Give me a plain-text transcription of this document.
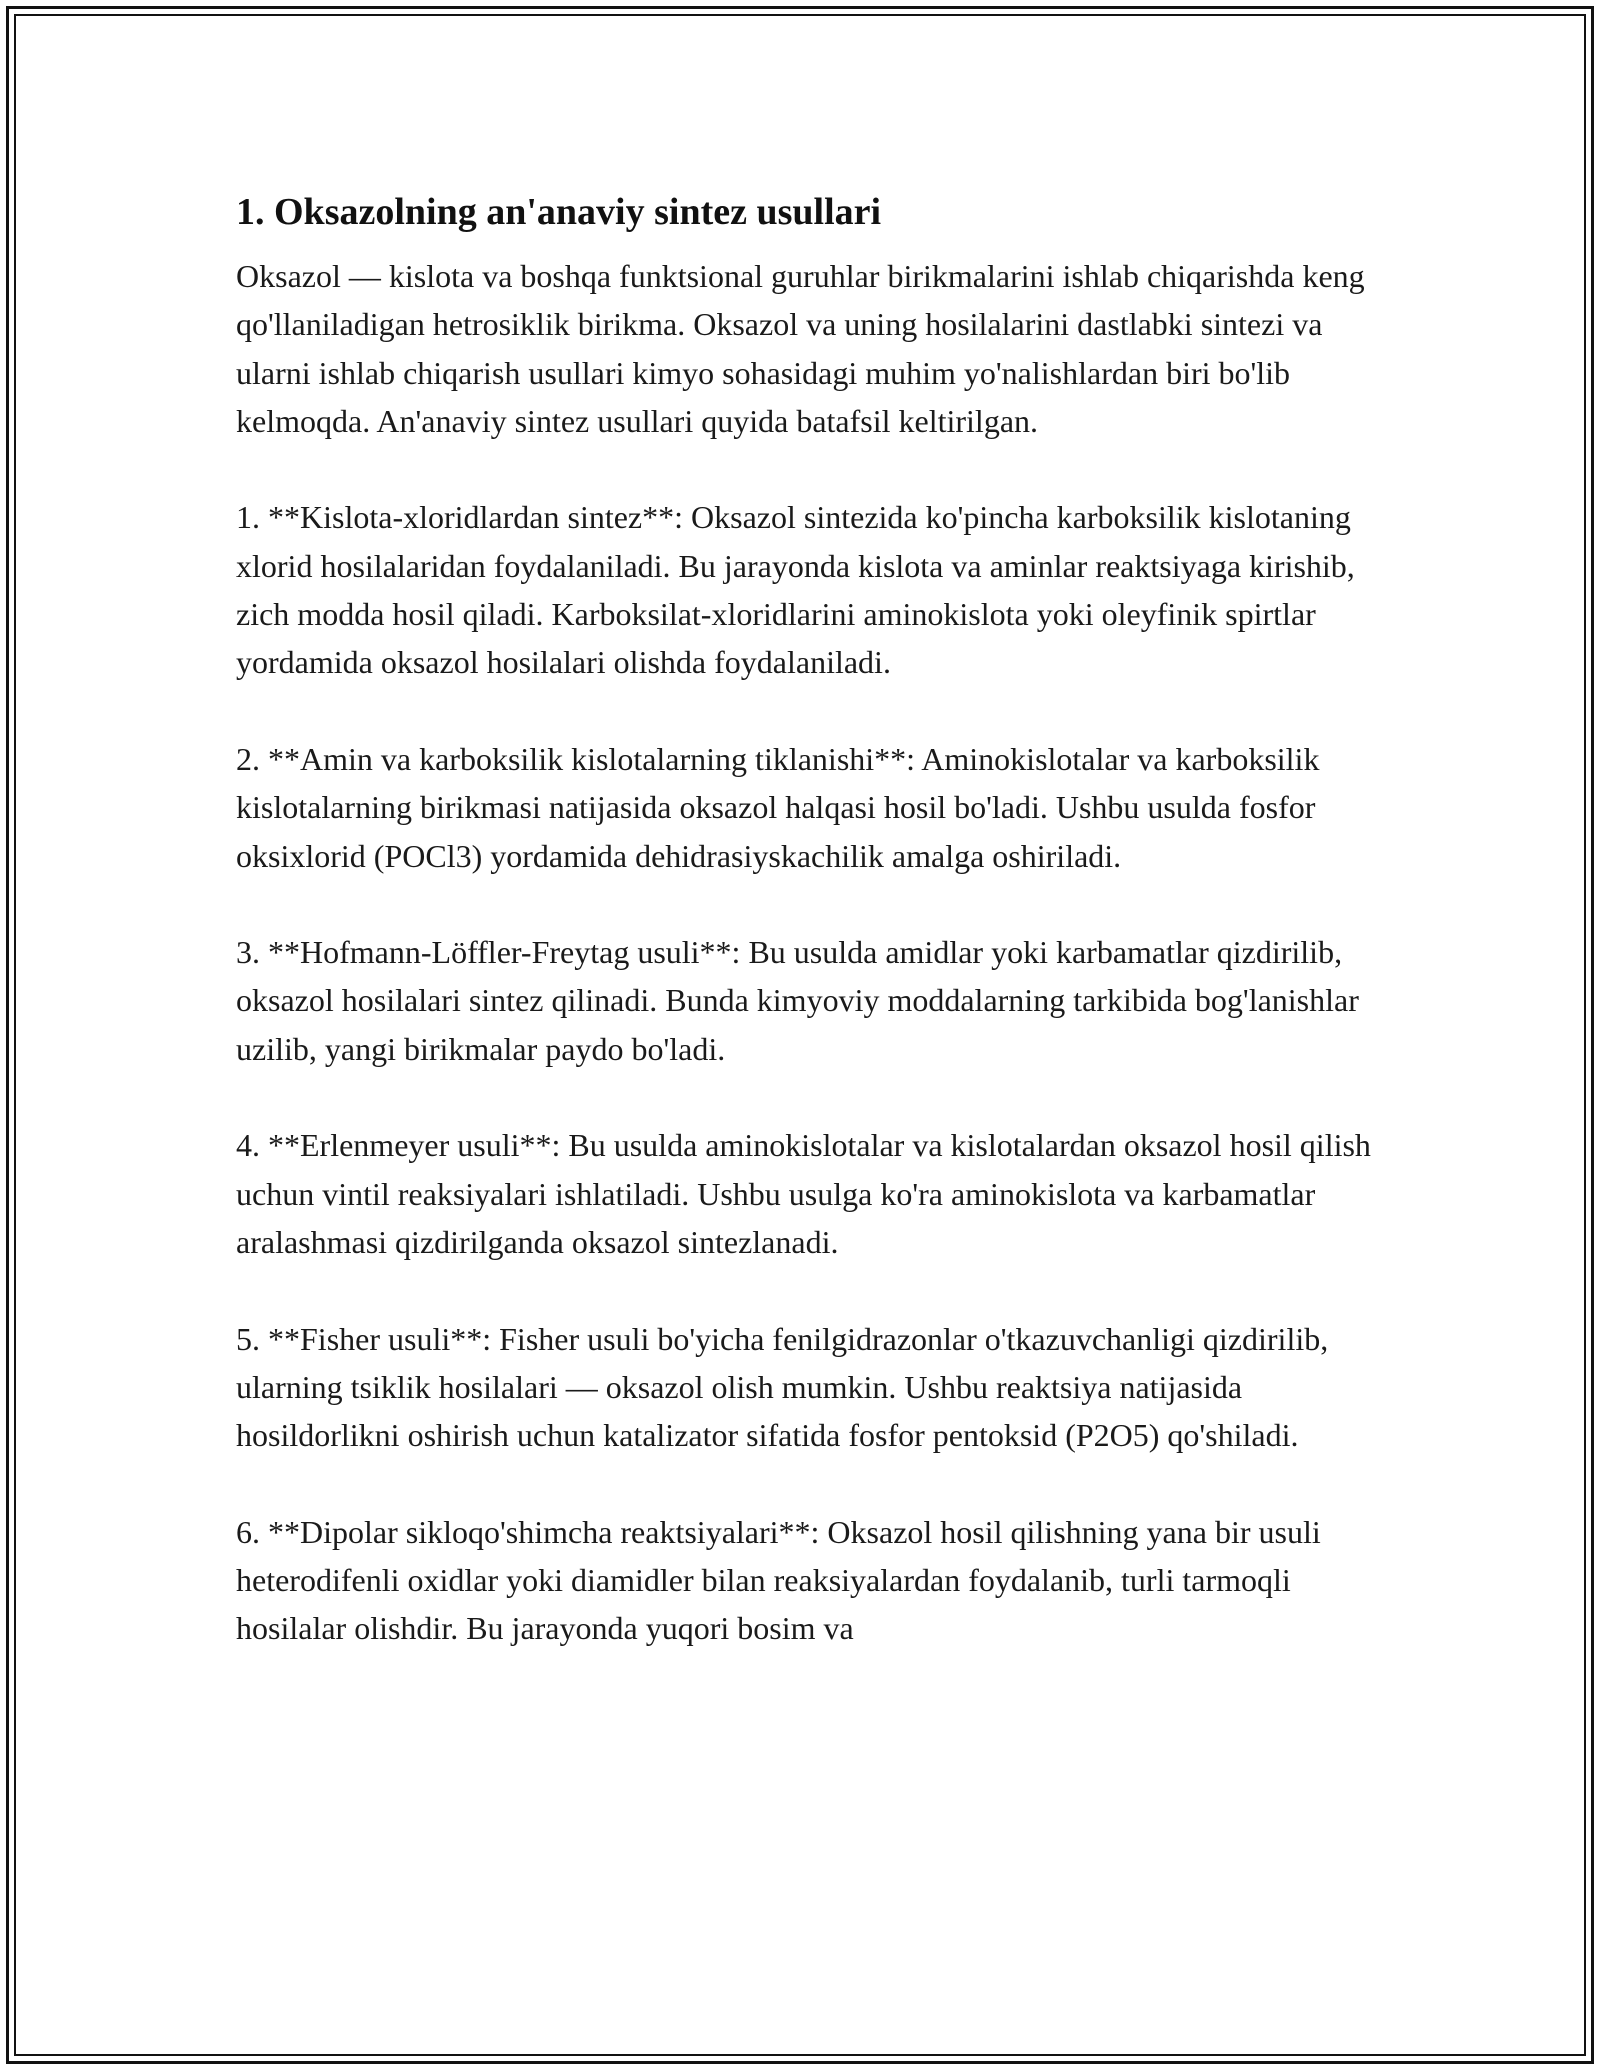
1. Oksazolning an'anaviy sintez usullari

Oksazol — kislota va boshqa funktsional guruhlar birikmalarini ishlab chiqarishda keng qo'llaniladigan hetrosiklik birikma. Oksazol va uning hosilalarini dastlabki sintezi va ularni ishlab chiqarish usullari kimyo sohasidagi muhim yo'nalishlardan biri bo'lib kelmoqda. An'anaviy sintez usullari quyida batafsil keltirilgan.

1. **Kislota-xloridlardan sintez**: Oksazol sintezida ko'pincha karboksilik kislotaning xlorid hosilalaridan foydalaniladi. Bu jarayonda kislota va aminlar reaktsiyaga kirishib, zich modda hosil qiladi. Karboksilat-xloridlarini aminokislota yoki oleyfinik spirtlar yordamida oksazol hosilalari olishda foydalaniladi.

2. **Amin va karboksilik kislotalarning tiklanishi**: Aminokislotalar va karboksilik kislotalarning birikmasi natijasida oksazol halqasi hosil bo'ladi. Ushbu usulda fosfor oksixlorid (POCl3) yordamida dehidrasiyskachilik amalga oshiriladi.

3. **Hofmann-Löffler-Freytag usuli**: Bu usulda amidlar yoki karbamatlar qizdirilib, oksazol hosilalari sintez qilinadi. Bunda kimyoviy moddalarning tarkibida bog'lanishlar uzilib, yangi birikmalar paydo bo'ladi.

4. **Erlenmeyer usuli**: Bu usulda aminokislotalar va kislotalardan oksazol hosil qilish uchun vintil reaksiyalari ishlatiladi. Ushbu usulga ko'ra aminokislota va karbamatlar aralashmasi qizdirilganda oksazol sintezlanadi.

5. **Fisher usuli**: Fisher usuli bo'yicha fenilgidrazonlar o'tkazuvchanligi qizdirilib, ularning tsiklik hosilalari — oksazol olish mumkin. Ushbu reaktsiya natijasida hosildorlikni oshirish uchun katalizator sifatida fosfor pentoksid (P2O5) qo'shiladi.

6. **Dipolar sikloqo'shimcha reaktsiyalari**: Oksazol hosil qilishning yana bir usuli heterodifenli oxidlar yoki diamidler bilan reaksiyalardan foydalanib, turli tarmoqli hosilalar olishdir. Bu jarayonda yuqori bosim va
